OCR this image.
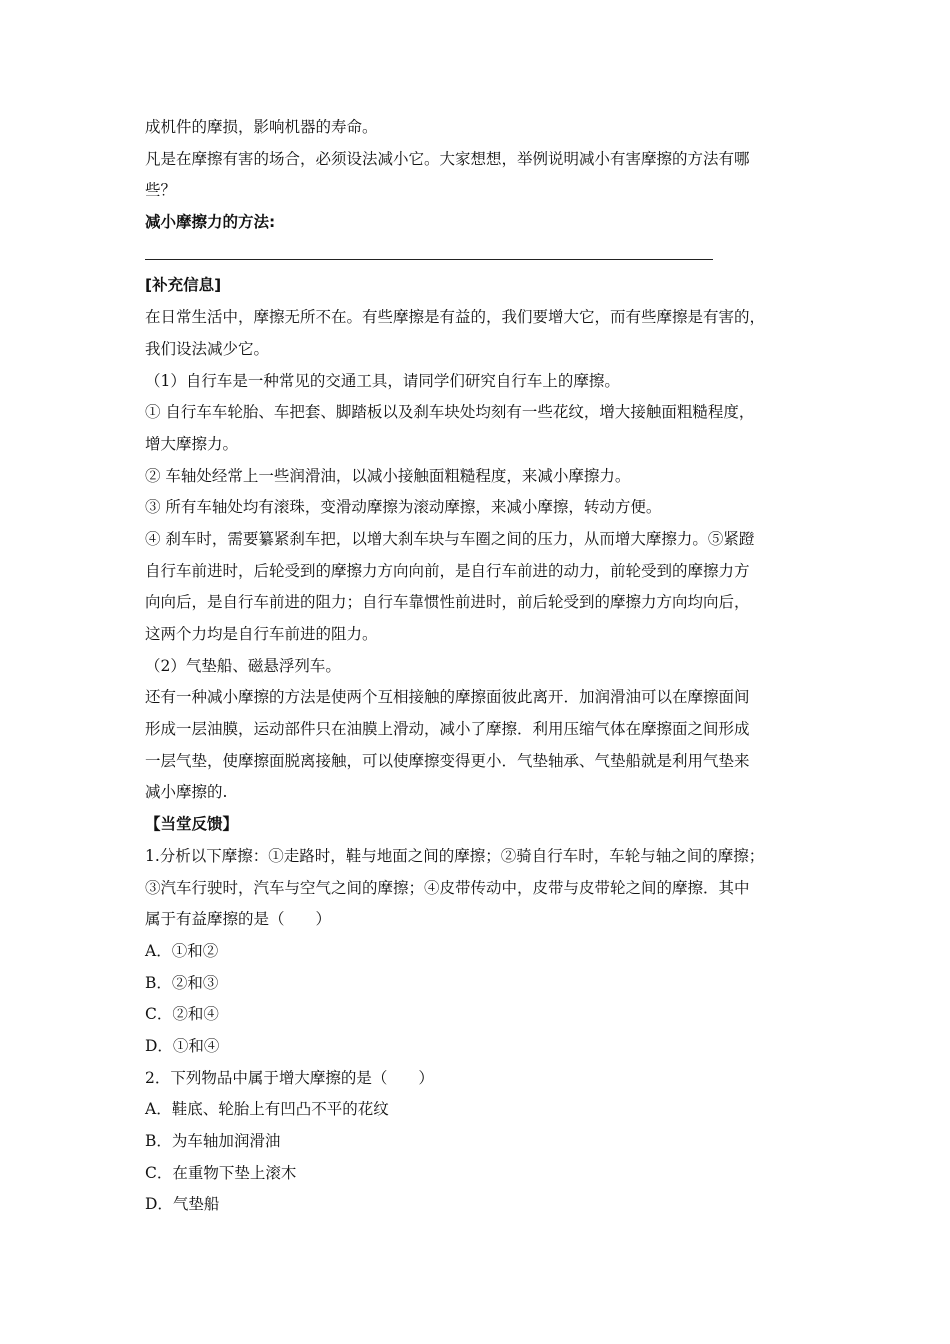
成机件的摩损，影响机器的寿命。
凡是在摩擦有害的场合，必须设法减小它。大家想想，举例说明减小有害摩擦的方法有哪
些？
减小摩擦力的方法:
[补充信息]
在日常生活中，摩擦无所不在。有些摩擦是有益的，我们要增大它，而有些摩擦是有害的，
我们设法减少它。
（1）自行车是一种常见的交通工具，请同学们研究自行车上的摩擦。
① 自行车车轮胎、车把套、脚踏板以及刹车块处均刻有一些花纹，增大接触面粗糙程度，
增大摩擦力。
② 车轴处经常上一些润滑油，以减小接触面粗糙程度，来减小摩擦力。
③ 所有车轴处均有滚珠，变滑动摩擦为滚动摩擦，来减小摩擦，转动方便。
④ 刹车时，需要纂紧刹车把，以增大刹车块与车圈之间的压力，从而增大摩擦力。⑤紧蹬
自行车前进时，后轮受到的摩擦力方向向前，是自行车前进的动力，前轮受到的摩擦力方
向向后，是自行车前进的阻力；自行车靠惯性前进时，前后轮受到的摩擦力方向均向后，
这两个力均是自行车前进的阻力。
（2）气垫船、磁悬浮列车。
还有一种减小摩擦的方法是使两个互相接触的摩擦面彼此离开．加润滑油可以在摩擦面间
形成一层油膜，运动部件只在油膜上滑动，减小了摩擦．利用压缩气体在摩擦面之间形成
一层气垫，使摩擦面脱离接触，可以使摩擦变得更小．气垫轴承、气垫船就是利用气垫来
减小摩擦的.
【当堂反馈】
1.分析以下摩擦：①走路时，鞋与地面之间的摩擦；②骑自行车时，车轮与轴之间的摩擦；
③汽车行驶时，汽车与空气之间的摩擦；④皮带传动中，皮带与皮带轮之间的摩擦．其中
属于有益摩擦的是（　　）
A．①和②
B．②和③
C．②和④
D．①和④
2．下列物品中属于增大摩擦的是（　　）
A．鞋底、轮胎上有凹凸不平的花纹
B．为车轴加润滑油
C．在重物下垫上滚木
D．气垫船
